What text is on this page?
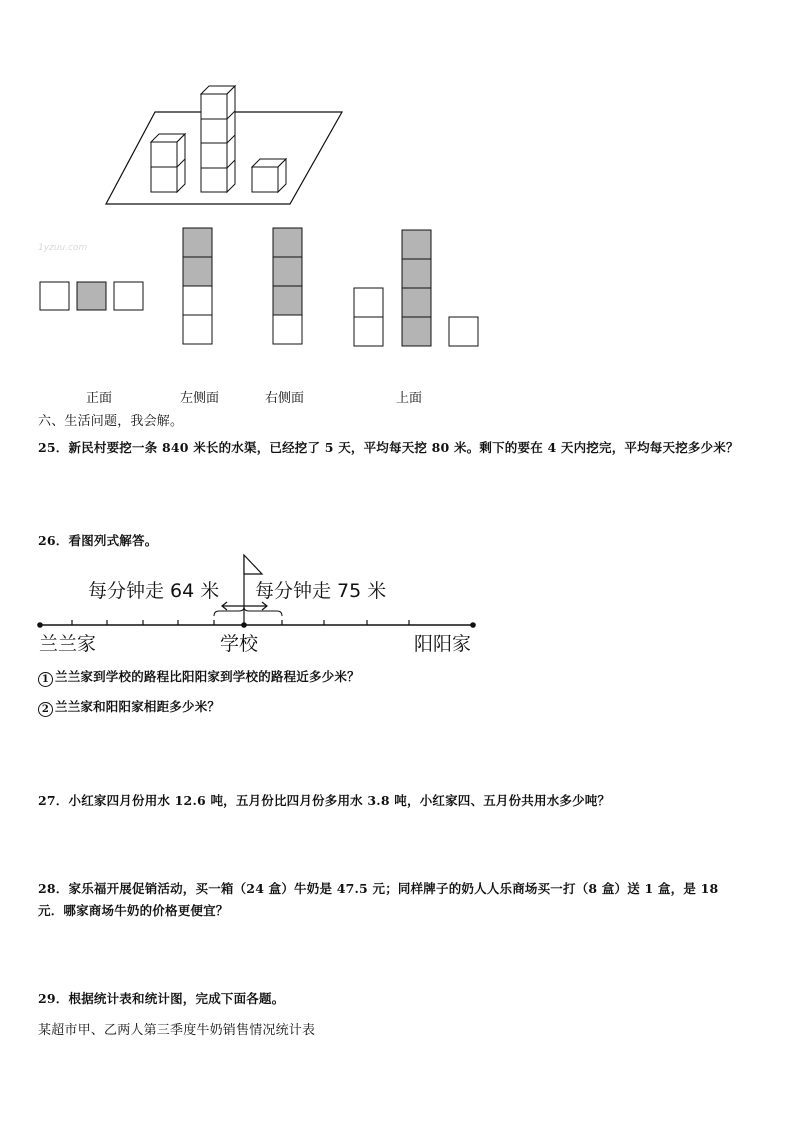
1yzuu.com
正面	左侧面	右侧面	上面
六、生活问题，我会解。
25．新民村要挖一条 840 米长的水渠，已经挖了 5 天，平均每天挖 80 米。剩下的要在 4 天内挖完，平均每天挖多少米？
26．看图列式解答。
每分钟走 64 米 每分钟走 75 米
兰兰家	学校	阳阳家
1 兰兰家到学校的路程比阳阳家到学校的路程近多少米？
2 兰兰家和阳阳家相距多少米？
27．小红家四月份用水 12.6 吨，五月份比四月份多用水 3.8 吨，小红家四、五月份共用水多少吨？
28．家乐福开展促销活动，买一箱（24 盒）牛奶是 47.5 元；同样牌子的奶人人乐商场买一打（8 盒）送 1 盒，是 18
元．哪家商场牛奶的价格更便宜？
29．根据统计表和统计图，完成下面各题。
某超市甲、乙两人第三季度牛奶销售情况统计表
